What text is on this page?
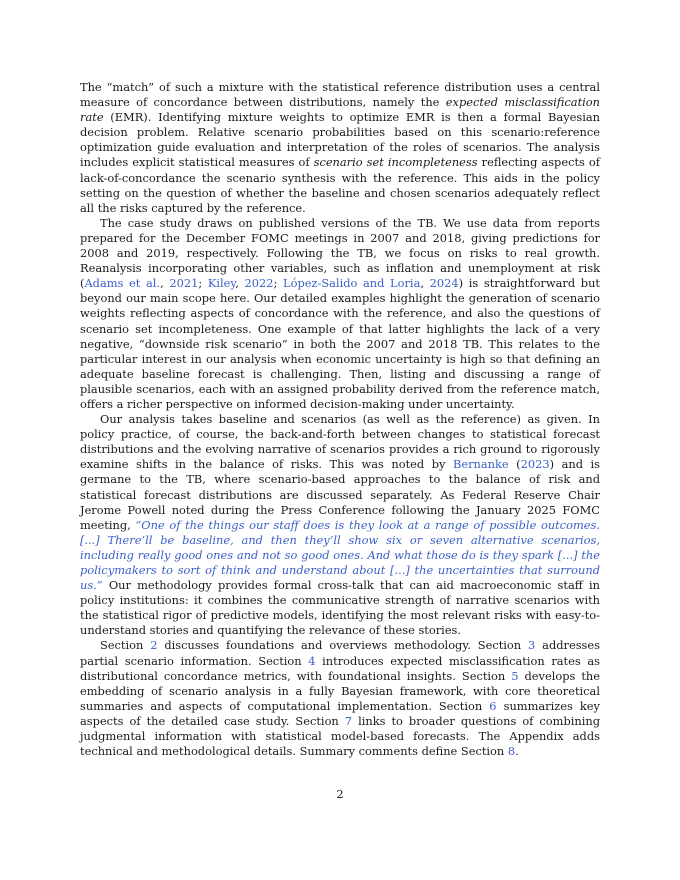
The “match” of such a mixture with the statistical reference distribution uses a central measure of concordance between distributions, namely the expected misclassification rate (EMR). Identifying mixture weights to optimize EMR is then a formal Bayesian decision problem. Relative scenario probabilities based on this scenario:reference optimization guide evaluation and interpretation of the roles of scenarios. The analysis includes explicit statistical measures of scenario set incompleteness reflecting aspects of lack-of-concordance the scenario synthesis with the reference. This aids in the policy setting on the question of whether the baseline and chosen scenarios adequately reflect all the risks captured by the reference.

The case study draws on published versions of the TB. We use data from reports prepared for the December FOMC meetings in 2007 and 2018, giving predictions for 2008 and 2019, respectively. Following the TB, we focus on risks to real growth. Reanalysis incorporating other variables, such as inflation and unemployment at risk (Adams et al., 2021; Kiley, 2022; López-Salido and Loria, 2024) is straightforward but beyond our main scope here. Our detailed examples highlight the generation of scenario weights reflecting aspects of concordance with the reference, and also the questions of scenario set incompleteness. One example of that latter highlights the lack of a very negative, “downside risk scenario” in both the 2007 and 2018 TB. This relates to the particular interest in our analysis when economic uncertainty is high so that defining an adequate baseline forecast is challenging. Then, listing and discussing a range of plausible scenarios, each with an assigned probability derived from the reference match, offers a richer perspective on informed decision-making under uncertainty.

Our analysis takes baseline and scenarios (as well as the reference) as given. In policy practice, of course, the back-and-forth between changes to statistical forecast distributions and the evolving narrative of scenarios provides a rich ground to rigorously examine shifts in the balance of risks. This was noted by Bernanke (2023) and is germane to the TB, where scenario-based approaches to the balance of risk and statistical forecast distributions are discussed separately. As Federal Reserve Chair Jerome Powell noted during the Press Conference following the January 2025 FOMC meeting, “One of the things our staff does is they look at a range of possible outcomes. [...] There’ll be baseline, and then they’ll show six or seven alternative scenarios, including really good ones and not so good ones. And what those do is they spark [...] the policymakers to sort of think and understand about [...] the uncertainties that surround us.” Our methodology provides formal cross-talk that can aid macroeconomic staff in policy institutions: it combines the communicative strength of narrative scenarios with the statistical rigor of predictive models, identifying the most relevant risks with easy-to-understand stories and quantifying the relevance of these stories.

Section 2 discusses foundations and overviews methodology. Section 3 addresses partial scenario information. Section 4 introduces expected misclassification rates as distributional concordance metrics, with foundational insights. Section 5 develops the embedding of scenario analysis in a fully Bayesian framework, with core theoretical summaries and aspects of computational implementation. Section 6 summarizes key aspects of the detailed case study. Section 7 links to broader questions of combining judgmental information with statistical model-based forecasts. The Appendix adds technical and methodological details. Summary comments define Section 8.

2
